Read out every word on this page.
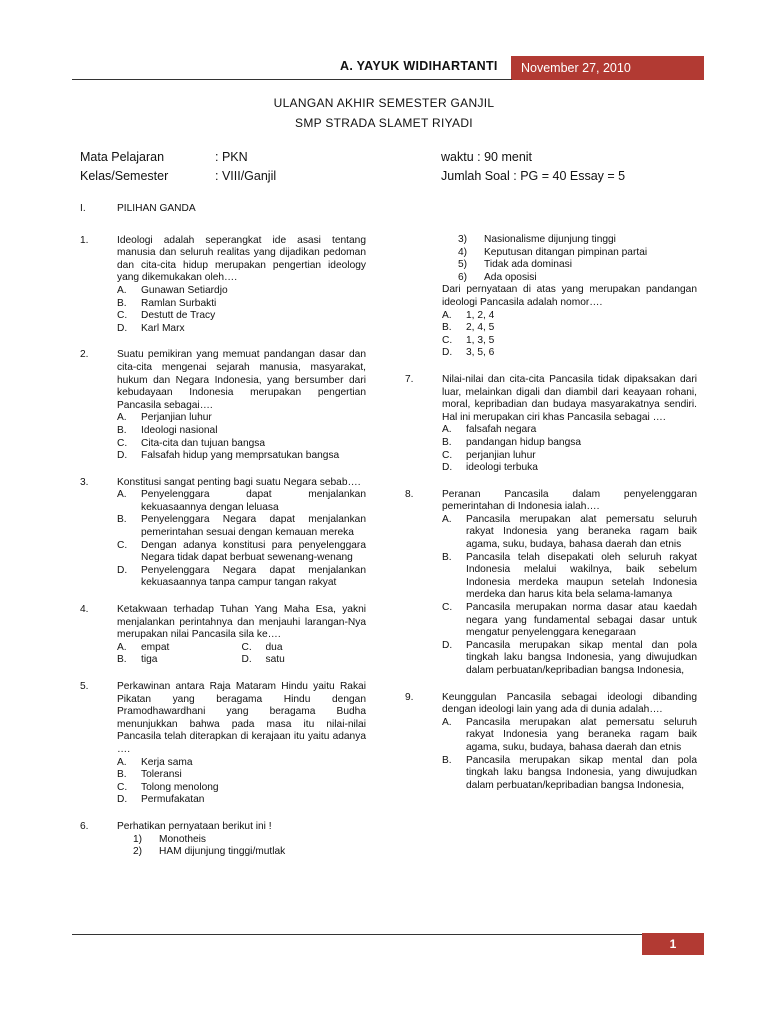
A. YAYUK WIDIHARTANTI	November 27, 2010
ULANGAN AKHIR SEMESTER GANJIL
SMP STRADA SLAMET RIYADI
Mata Pelajaran	: PKN
Kelas/Semester	: VIII/Ganjil
waktu : 90 menit
Jumlah Soal : PG = 40 Essay = 5
I.	PILIHAN GANDA
1.	Ideologi adalah seperangkat ide asasi tentang manusia dan seluruh realitas yang dijadikan pedoman dan cita-cita hidup merupakan pengertian ideology yang dikemukakan oleh….

A. Gunawan Setiardjo
B. Ramlan Surbakti
C. Destutt de Tracy
D. Karl Marx
2.	Suatu pemikiran yang memuat pandangan dasar dan cita-cita mengenai sejarah manusia, masyarakat, hukum dan Negara Indonesia, yang bersumber dari kebudayaan Indonesia merupakan pengertian Pancasila sebagai….

A. Perjanjian luhur
B. Ideologi nasional
C. Cita-cita dan tujuan bangsa
D. Falsafah hidup yang memprsatukan bangsa
3.	Konstitusi sangat penting bagi suatu Negara sebab….

A. Penyelenggara dapat menjalankan kekuasaannya dengan leluasa
B. Penyelenggara Negara dapat menjalankan pemerintahan sesuai dengan kemauan mereka
C. Dengan adanya konstitusi para penyelenggara Negara tidak dapat berbuat sewenang-wenang
D. Penyelenggara Negara dapat menjalankan kekuasaannya tanpa campur tangan rakyat
4.	Ketakwaan terhadap Tuhan Yang Maha Esa, yakni menjalankan perintahnya dan menjauhi larangan-Nya merupakan nilai Pancasila sila ke….

A. empat	C. dua
B. tiga	D. satu
5.	Perkawinan antara Raja Mataram Hindu yaitu Rakai Pikatan yang beragama Hindu dengan Pramodhawardhani yang beragama Budha menunjukkan bahwa pada masa itu nilai-nilai Pancasila telah diterapkan di kerajaan itu yaitu adanya ….

A. Kerja sama
B. Toleransi
C. Tolong menolong
D. Permufakatan
6.	Perhatikan pernyataan berikut ini !

1) Monotheis
2) HAM dijunjung tinggi/mutlak
3) Nasionalisme dijunjung tinggi
4) Keputusan ditangan pimpinan partai
5) Tidak ada dominasi
6) Ada oposisi

Dari pernyataan di atas yang merupakan pandangan ideologi Pancasila adalah nomor….

A. 1, 2, 4
B. 2, 4, 5
C. 1, 3, 5
D. 3, 5, 6
7.	Nilai-nilai dan cita-cita Pancasila tidak dipaksakan dari luar, melainkan digali dan diambil dari keayaan rohani, moral, kepribadian dan budaya masyarakatnya sendiri. Hal ini merupakan ciri khas Pancasila sebagai ….

A. falsafah negara
B. pandangan hidup bangsa
C. perjanjian luhur
D. ideologi terbuka
8.	Peranan Pancasila dalam penyelenggaran pemerintahan di Indonesia ialah….

A. Pancasila merupakan alat pemersatu seluruh rakyat Indonesia yang beraneka ragam baik agama, suku, budaya, bahasa daerah dan etnis
B. Pancasila telah disepakati oleh seluruh rakyat Indonesia melalui wakilnya, baik sebelum Indonesia merdeka maupun setelah Indonesia merdeka dan harus kita bela selama-lamanya
C. Pancasila merupakan norma dasar atau kaedah negara yang fundamental sebagai dasar untuk mengatur penyelenggara kenegaraan
D. Pancasila merupakan sikap mental dan pola tingkah laku bangsa Indonesia, yang diwujudkan dalam perbuatan/kepribadian bangsa Indonesia,
9.	Keunggulan Pancasila sebagai ideologi dibanding dengan ideologi lain yang ada di dunia adalah….

A. Pancasila merupakan alat pemersatu seluruh rakyat Indonesia yang beraneka ragam baik agama, suku, budaya, bahasa daerah dan etnis
B. Pancasila merupakan sikap mental dan pola tingkah laku bangsa Indonesia, yang diwujudkan dalam perbuatan/kepribadian bangsa Indonesia,
1
